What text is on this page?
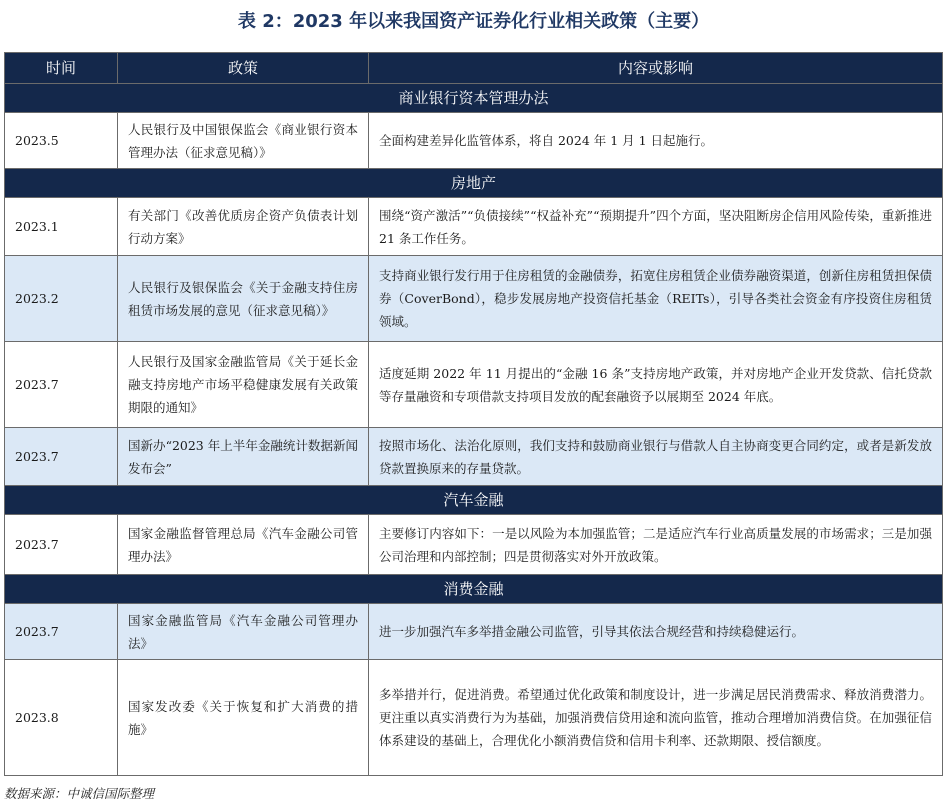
表 2：2023 年以来我国资产证券化行业相关政策（主要）
时间	政策	内容或影响
商业银行资本管理办法		
2023.5	人民银行及中国银保监会《商业银行资本管理办法（征求意见稿）》	全面构建差异化监管体系，将自 2024 年 1 月 1 日起施行。
房地产		
2023.1	有关部门《改善优质房企资产负债表计划行动方案》	围绕“资产激活”“负债接续”“权益补充”“预期提升”四个方面，坚决阻断房企信用风险传染，重新推进 21 条工作任务。
2023.2	人民银行及银保监会《关于金融支持住房租赁市场发展的意见（征求意见稿）》	支持商业银行发行用于住房租赁的金融债券，拓宽住房租赁企业债券融资渠道，创新住房租赁担保债券（CoverBond），稳步发展房地产投资信托基金（REITs），引导各类社会资金有序投资住房租赁领域。
2023.7	人民银行及国家金融监管局《关于延长金融支持房地产市场平稳健康发展有关政策期限的通知》	适度延期 2022 年 11 月提出的“金融 16 条”支持房地产政策，并对房地产企业开发贷款、信托贷款等存量融资和专项借款支持项目发放的配套融资予以展期至 2024 年底。
2023.7	国新办“2023 年上半年金融统计数据新闻发布会”	按照市场化、法治化原则，我们支持和鼓励商业银行与借款人自主协商变更合同约定，或者是新发放贷款置换原来的存量贷款。
汽车金融		
2023.7	国家金融监督管理总局《汽车金融公司管理办法》	主要修订内容如下：一是以风险为本加强监管；二是适应汽车行业高质量发展的市场需求；三是加强公司治理和内部控制；四是贯彻落实对外开放政策。
消费金融		
2023.7	国家金融监管局《汽车金融公司管理办法》	进一步加强汽车多举措金融公司监管，引导其依法合规经营和持续稳健运行。
2023.8	国家发改委《关于恢复和扩大消费的措施》	多举措并行，促进消费。希望通过优化政策和制度设计，进一步满足居民消费需求、释放消费潜力。更注重以真实消费行为为基础，加强消费信贷用途和流向监管，推动合理增加消费信贷。在加强征信体系建设的基础上，合理优化小额消费信贷和信用卡利率、还款期限、授信额度。
数据来源：中诚信国际整理
